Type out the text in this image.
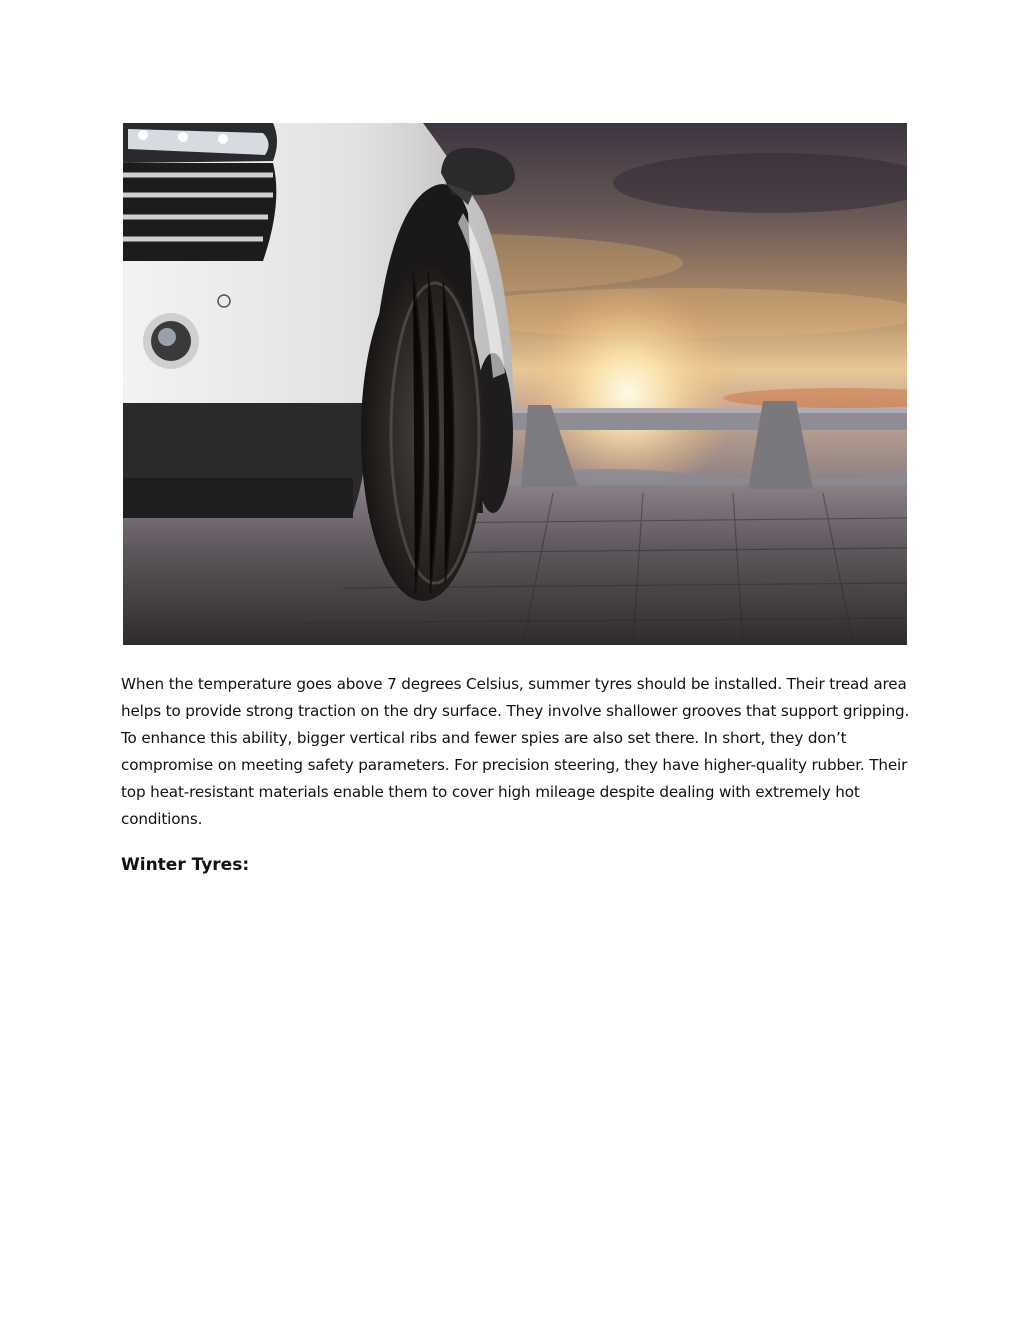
When the temperature goes above 7 degrees Celsius, summer tyres should be installed. Their tread area helps to provide strong traction on the dry surface. They involve shallower grooves that support gripping. To enhance this ability, bigger vertical ribs and fewer spies are also set there. In short, they don’t compromise on meeting safety parameters. For precision steering, they have higher-quality rubber. Their top heat-resistant materials enable them to cover high mileage despite dealing with extremely hot conditions.

Winter Tyres:
